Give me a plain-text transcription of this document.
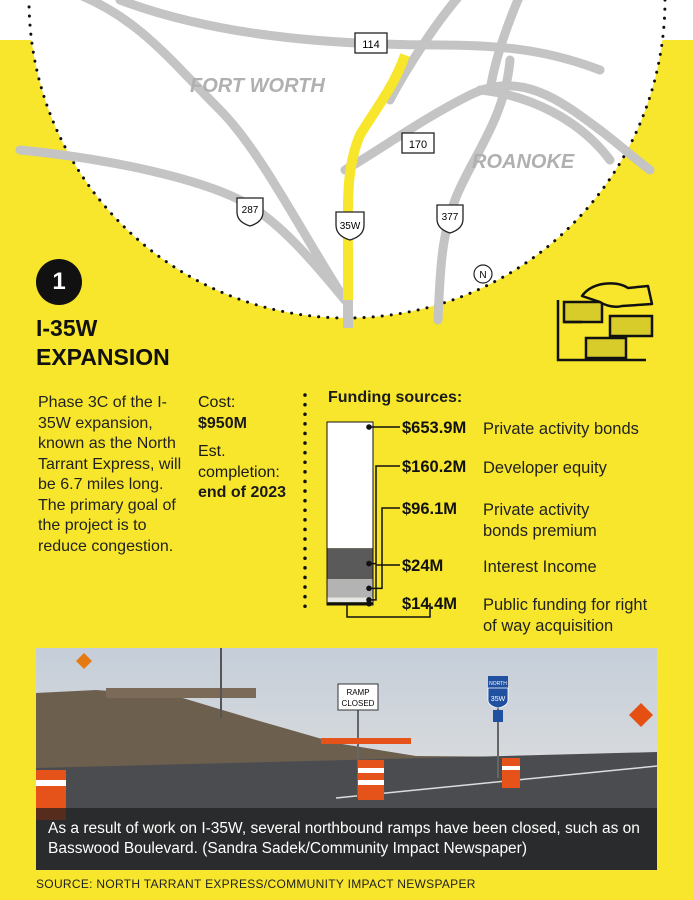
FORT WORTH
ROANOKE
114
170
287
35W
377
N
1
I-35W
EXPANSION
Phase 3C of the I-35W expansion, known as the North Tarrant Express, will be 6.7 miles long. The primary goal of the project is to reduce congestion.
Cost:
$950M
Est. completion:
end of 2023
Funding sources:
$653.9M Private activity bonds
$160.2M Developer equity
$96.1M Private activity bonds premium
$24M Interest Income
$14.4M Public funding for right of way acquisition
RAMP
CLOSED
NORTH
35W
As a result of work on I-35W, several northbound ramps have been closed, such as on Basswood Boulevard. (Sandra Sadek/Community Impact Newspaper)
SOURCE: NORTH TARRANT EXPRESS/COMMUNITY IMPACT NEWSPAPER
